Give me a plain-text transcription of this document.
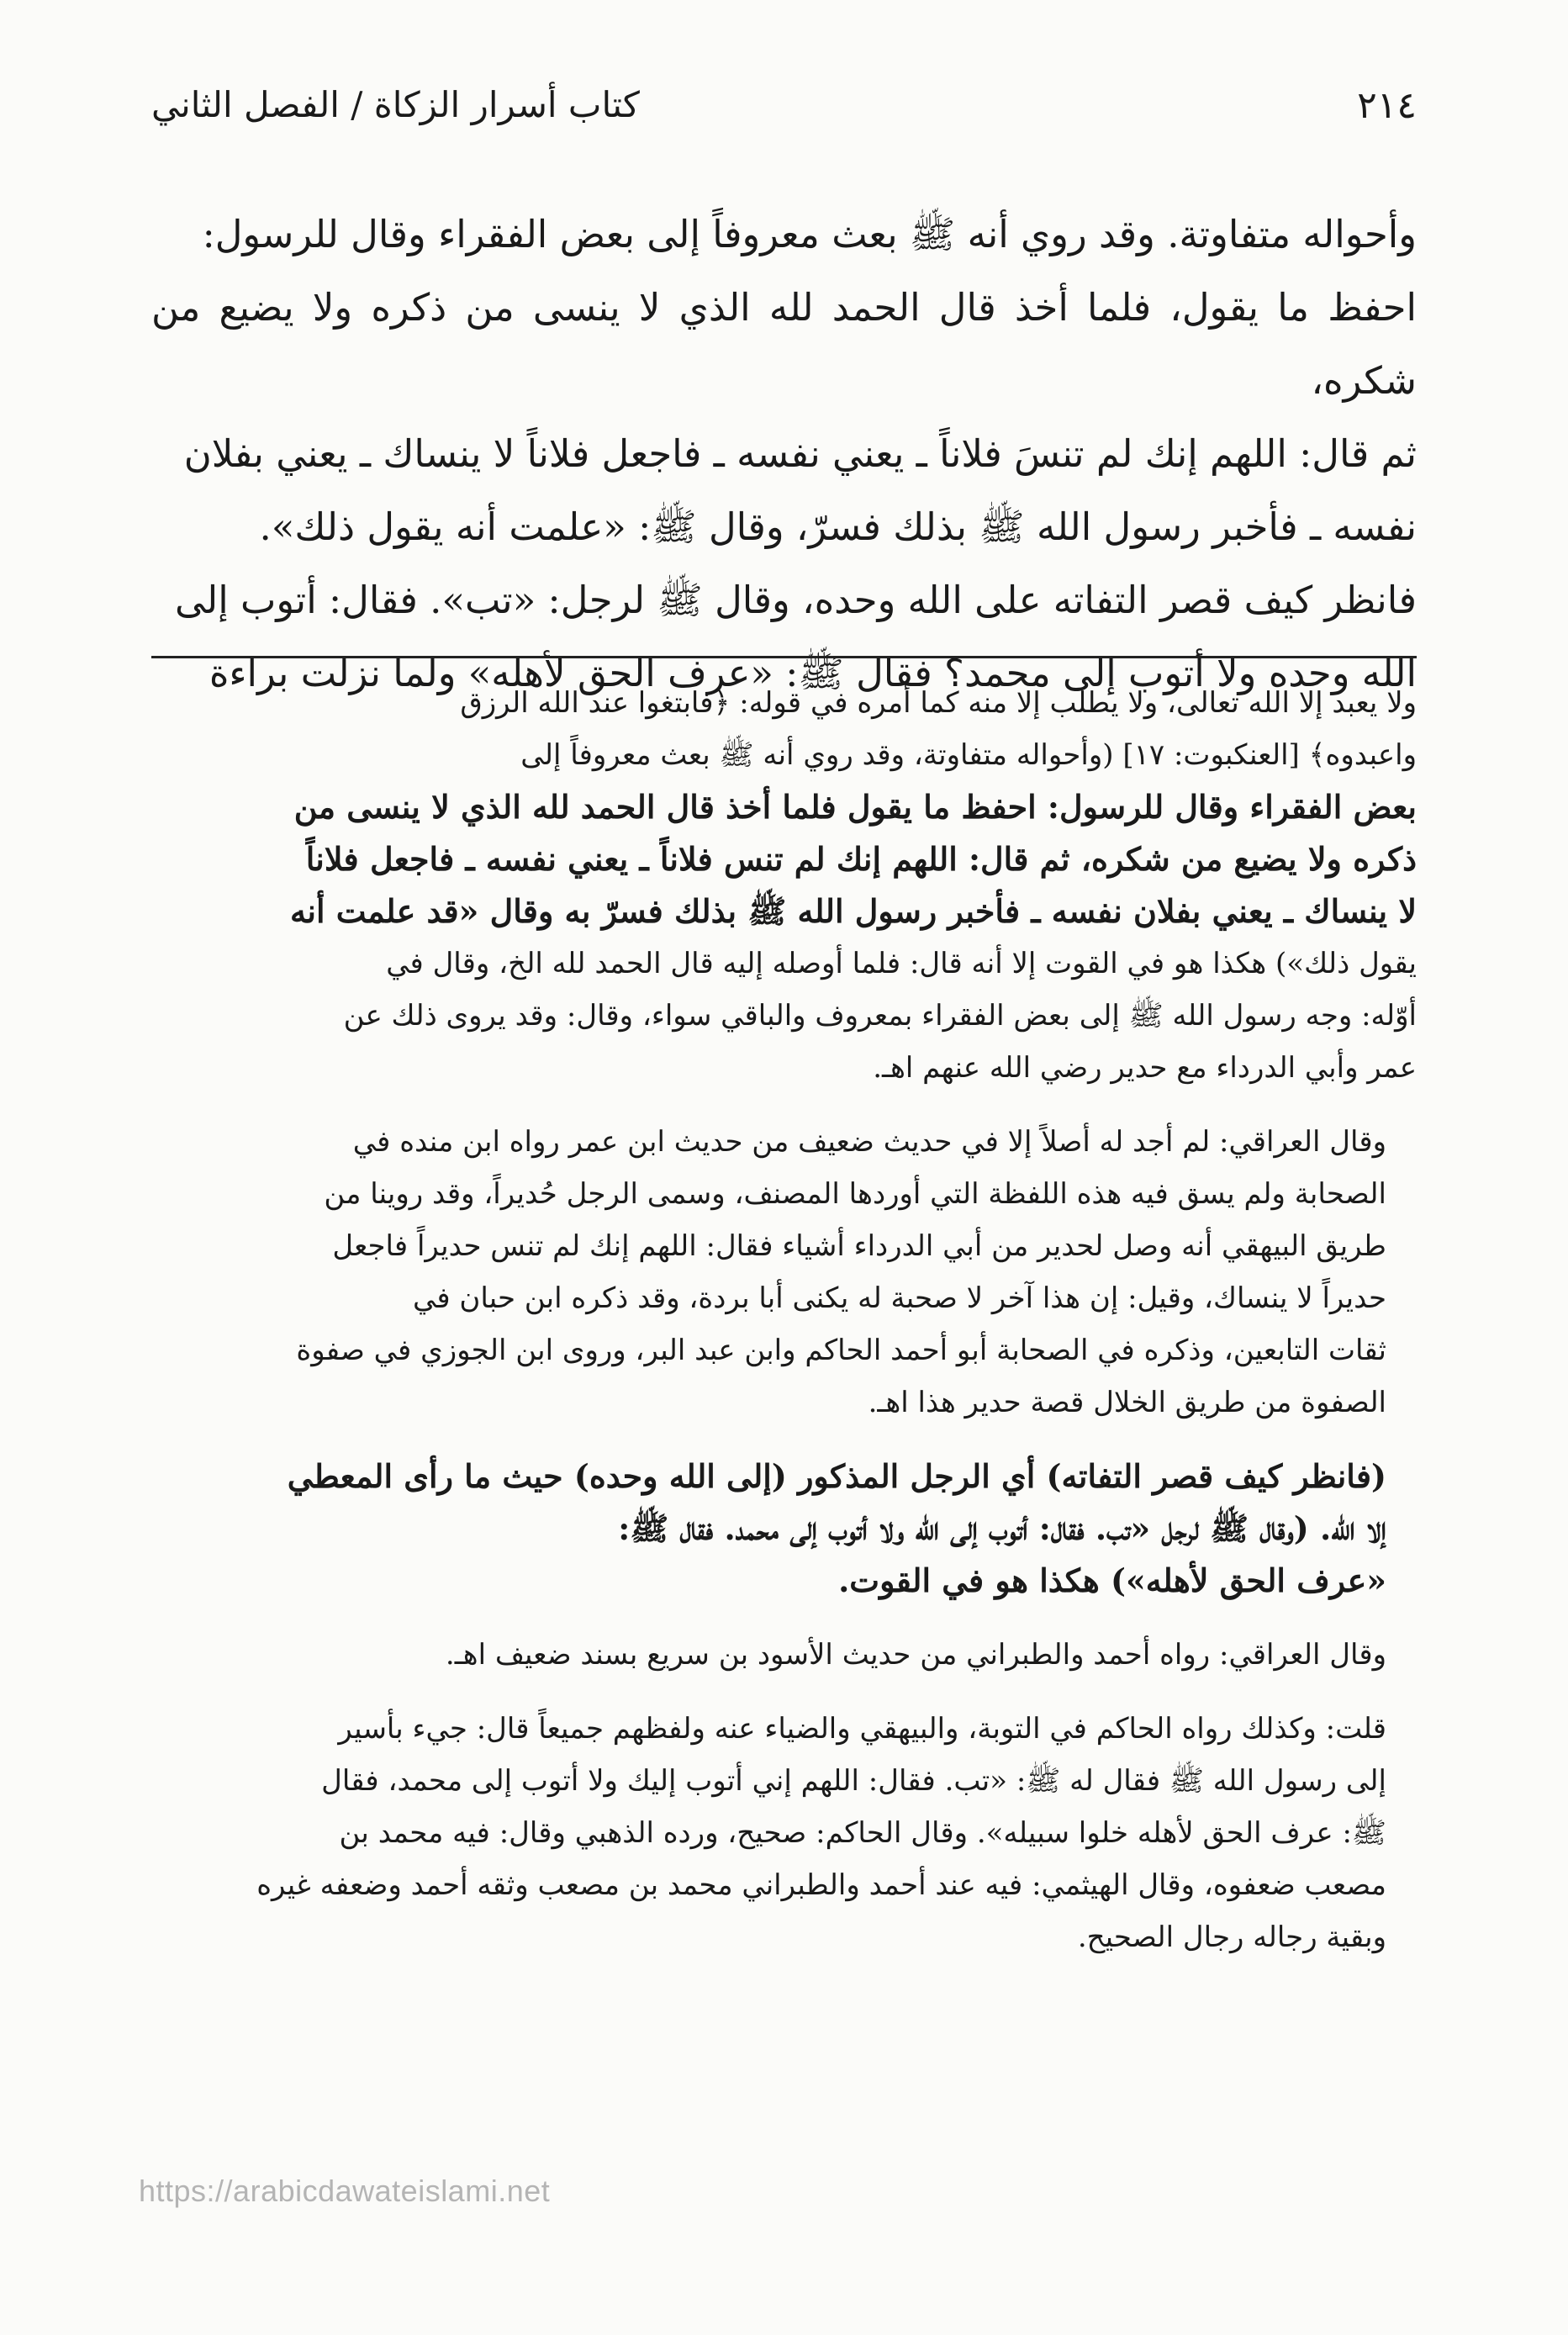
٢١٤
كتاب أسرار الزكاة / الفصل الثاني

وأحواله متفاوتة. وقد روي أنه ﷺ بعث معروفاً إلى بعض الفقراء وقال للرسول:

احفظ ما يقول، فلما أخذ قال الحمد لله الذي لا ينسى من ذكره ولا يضيع من شكره،

ثم قال: اللهم إنك لم تنسَ فلاناً ـ يعني نفسه ـ فاجعل فلاناً لا ينساك ـ يعني بفلان

نفسه ـ فأخبر رسول الله ﷺ بذلك فسرّ، وقال ﷺ: «علمت أنه يقول ذلك».

فانظر كيف قصر التفاته على الله وحده، وقال ﷺ لرجل: «تب». فقال: أتوب إلى

الله وحده ولا أتوب إلى محمد؟ فقال ﷺ: «عرف الحق لأهله» ولما نزلت براءة

ولا يعبد إلا الله تعالى، ولا يطلب إلا منه كما أمره في قوله: ﴿فابتغوا عند الله الرزق
واعبدوه﴾ [العنكبوت: ١٧] (وأحواله متفاوتة، وقد روي أنه ﷺ بعث معروفاً إلى
بعض الفقراء وقال للرسول: احفظ ما يقول فلما أخذ قال الحمد لله الذي لا ينسى من
ذكره ولا يضيع من شكره، ثم قال: اللهم إنك لم تنس فلاناً ـ يعني نفسه ـ فاجعل فلاناً
لا ينساك ـ يعني بفلان نفسه ـ فأخبر رسول الله ﷺ بذلك فسرّ به وقال «قد علمت أنه
يقول ذلك») هكذا هو في القوت إلا أنه قال: فلما أوصله إليه قال الحمد لله الخ، وقال في
أوّله: وجه رسول الله ﷺ إلى بعض الفقراء بمعروف والباقي سواء، وقال: وقد يروى ذلك عن
عمر وأبي الدرداء مع حدير رضي الله عنهم اهـ.
وقال العراقي: لم أجد له أصلاً إلا في حديث ضعيف من حديث ابن عمر رواه ابن منده في
الصحابة ولم يسق فيه هذه اللفظة التي أوردها المصنف، وسمى الرجل حُديراً، وقد روينا من
طريق البيهقي أنه وصل لحدير من أبي الدرداء أشياء فقال: اللهم إنك لم تنس حديراً فاجعل
حديراً لا ينساك، وقيل: إن هذا آخر لا صحبة له يكنى أبا بردة، وقد ذكره ابن حبان في
ثقات التابعين، وذكره في الصحابة أبو أحمد الحاكم وابن عبد البر، وروى ابن الجوزي في صفوة
الصفوة من طريق الخلال قصة حدير هذا اهـ.
(فانظر كيف قصر التفاته) أي الرجل المذكور (إلى الله وحده) حيث ما رأى المعطي
إلا الله. (وقال ﷺ لرجل «تب. فقال: أتوب إلى الله ولا أتوب إلى محمد. فقال ﷺ:
«عرف الحق لأهله») هكذا هو في القوت.
وقال العراقي: رواه أحمد والطبراني من حديث الأسود بن سريع بسند ضعيف اهـ.
قلت: وكذلك رواه الحاكم في التوبة، والبيهقي والضياء عنه ولفظهم جميعاً قال: جيء بأسير
إلى رسول الله ﷺ فقال له ﷺ: «تب. فقال: اللهم إني أتوب إليك ولا أتوب إلى محمد، فقال
ﷺ: عرف الحق لأهله خلوا سبيله». وقال الحاكم: صحيح، ورده الذهبي وقال: فيه محمد بن
مصعب ضعفوه، وقال الهيثمي: فيه عند أحمد والطبراني محمد بن مصعب وثقه أحمد وضعفه غيره
وبقية رجاله رجال الصحيح.
https://arabicdawateislami.net
